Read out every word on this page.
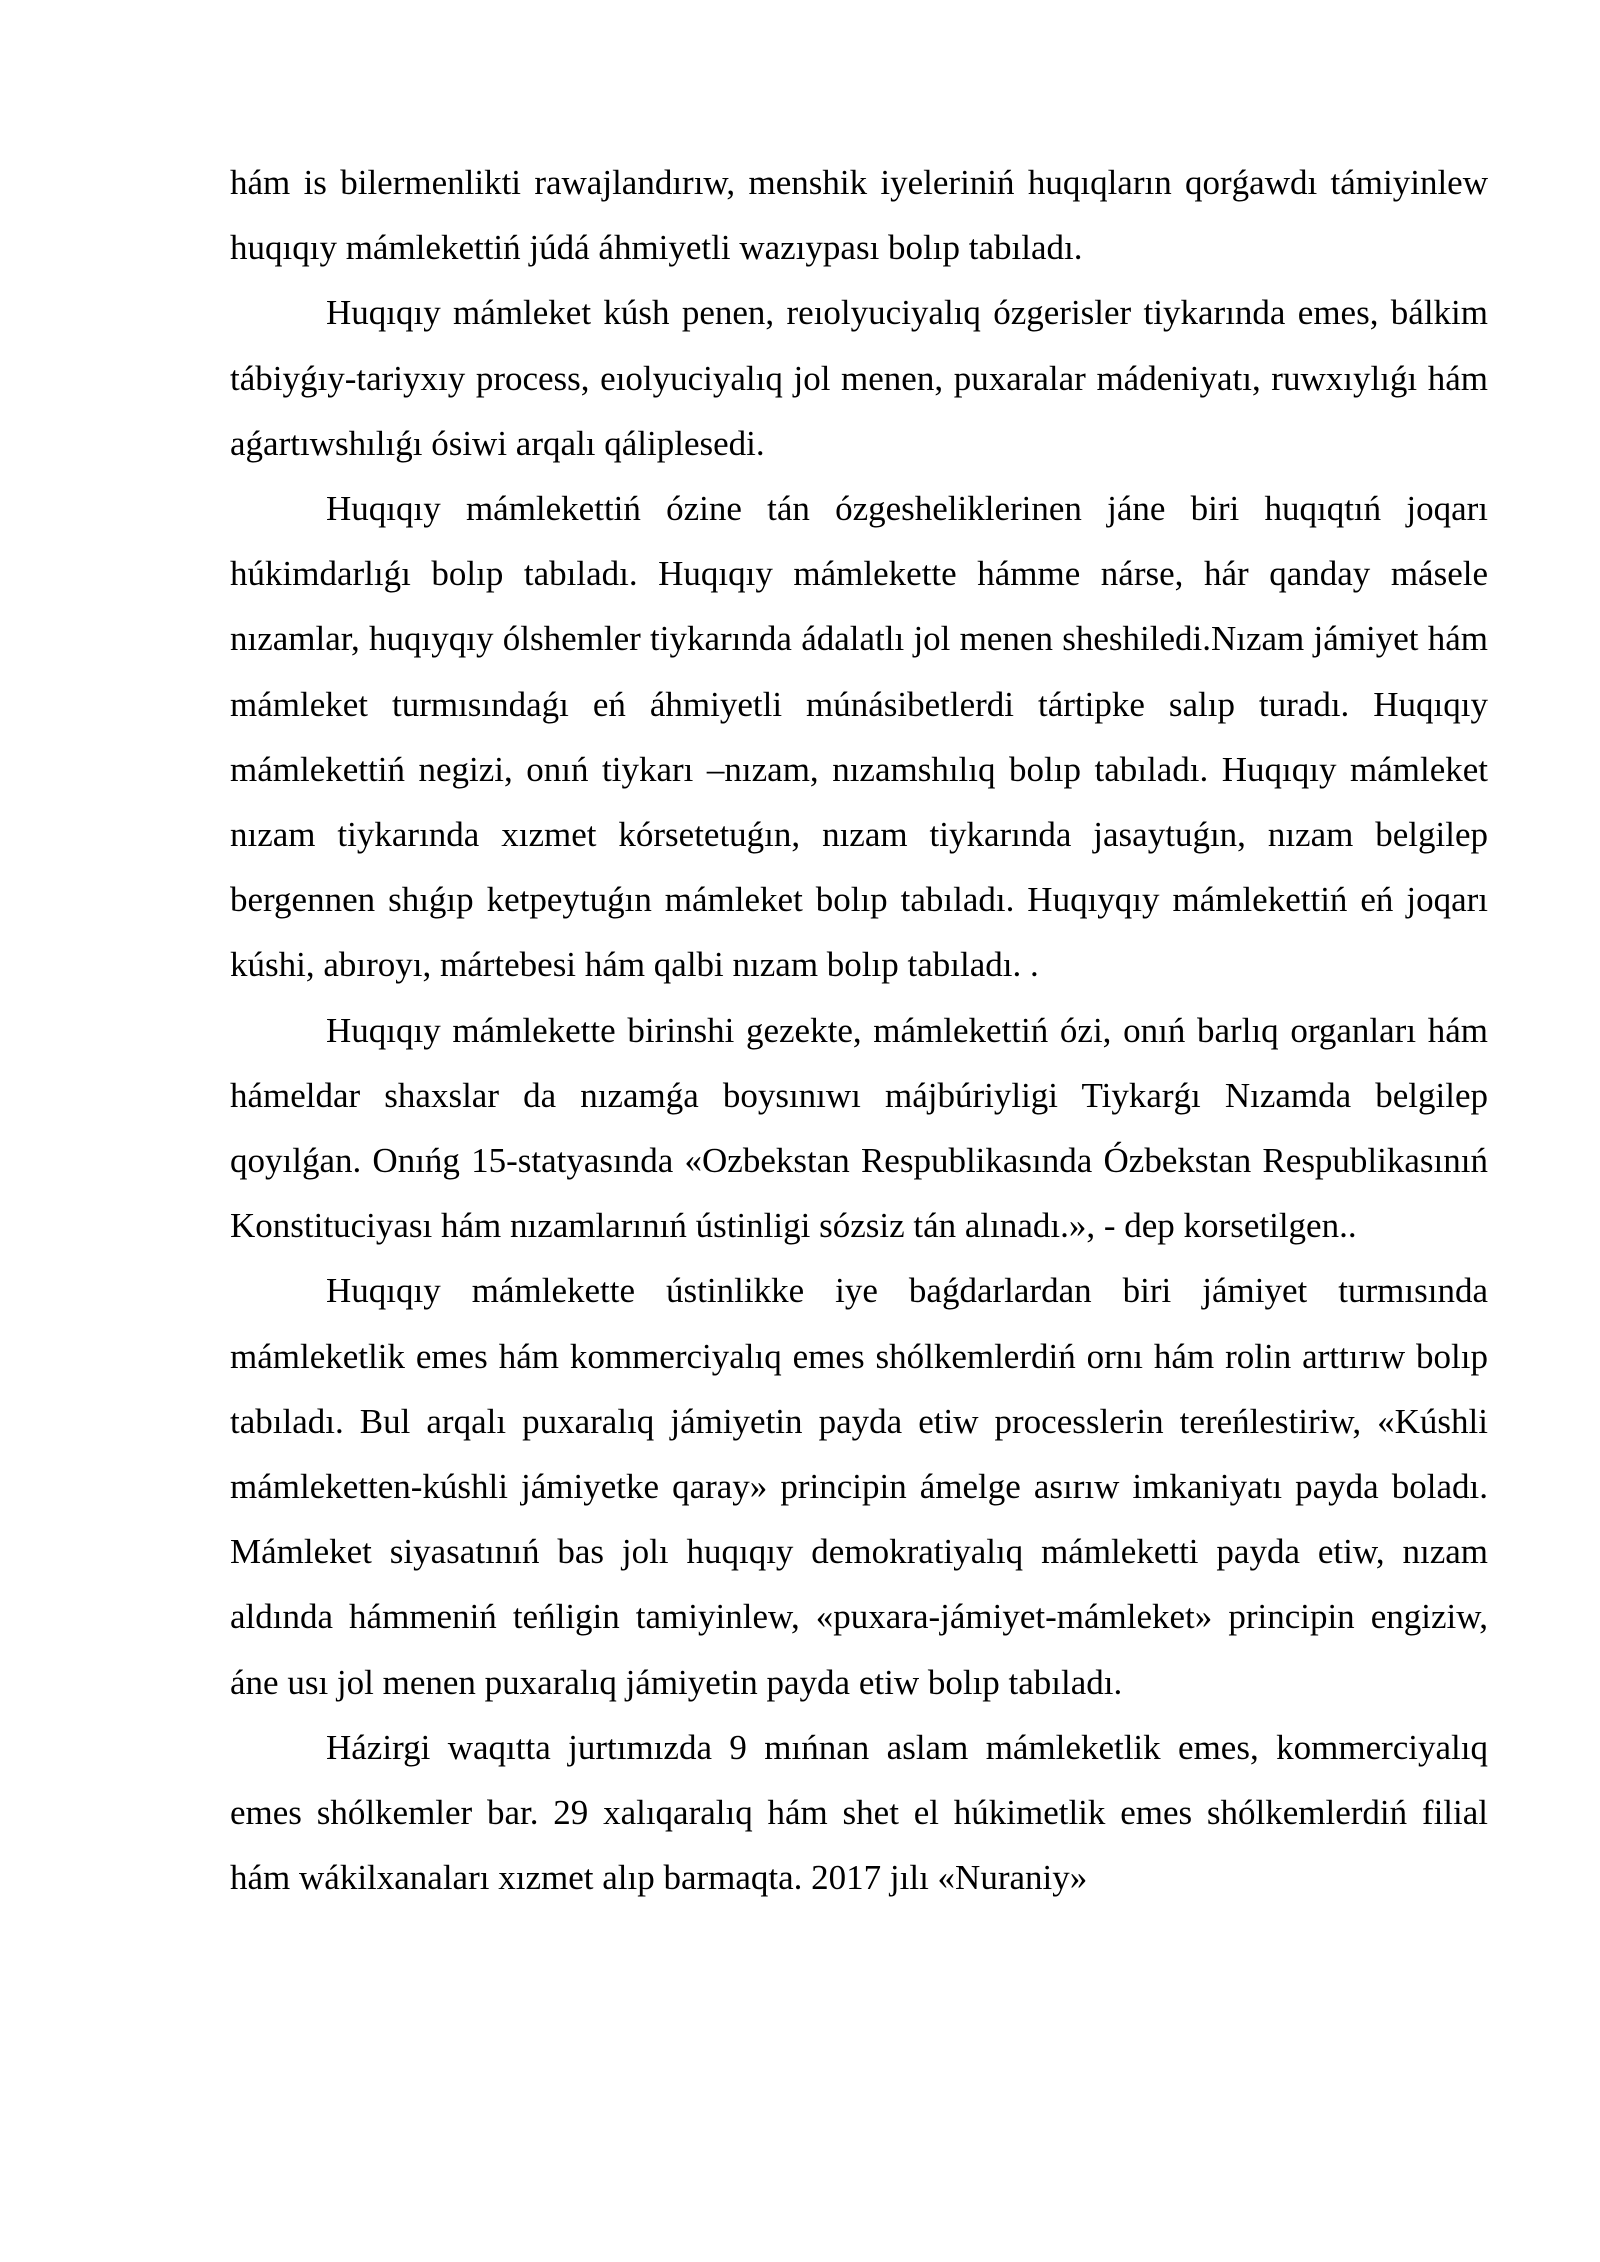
hám is bilermenlikti rawajlandırıw, menshik iyeleriniń huqıqların qorǵawdı támiyinlew huqıqıy mámlekettiń júdá áhmiyetli wazıypası bolıp tabıladı.

Huqıqıy mámleket kúsh penen, reıolyuciyalıq ózgerisler tiykarında emes, bálkim tábiyǵıy-tariyxıy process, eıolyuciyalıq jol menen, puxaralar mádeniyatı, ruwxıylıǵı hám aǵartıwshılıǵı ósiwi arqalı qáliplesedi.

Huqıqıy mámlekettiń ózine tán ózgesheliklerinen jáne biri huqıqtıń joqarı húkimdarlıǵı bolıp tabıladı. Huqıqıy mámlekette hámme nárse, hár qanday másele nızamlar, huqıyqıy ólshemler tiykarında ádalatlı jol menen sheshiledi.Nızam jámiyet hám mámleket turmısındaǵı eń áhmiyetli múnásibetlerdi tártipke salıp turadı. Huqıqıy mámlekettiń negizi, onıń tiykarı –nızam, nızamshılıq bolıp tabıladı. Huqıqıy mámleket nızam tiykarında xızmet kórsetetuǵın, nızam tiykarında jasaytuǵın, nızam belgilep bergennen shıǵıp ketpeytuǵın mámleket bolıp tabıladı. Huqıyqıy mámlekettiń eń joqarı kúshi, abıroyı, mártebesi hám qalbi nızam bolıp tabıladı. .

Huqıqıy mámlekette birinshi gezekte, mámlekettiń ózi, onıń barlıq organları hám hámeldar shaxslar da nızamǵa boysınıwı májbúriyligi Tiykarǵı Nızamda belgilep qoyılǵan. Onıńg 15-statyasında «Ozbekstan Respublikasında Ózbekstan Respublikasınıń Konstituciyası hám nızamlarınıń ústinligi sózsiz tán alınadı.», - dep korsetilgen..

Huqıqıy mámlekette ústinlikke iye baǵdarlardan biri jámiyet turmısında mámleketlik emes hám kommerciyalıq emes shólkemlerdiń ornı hám rolin arttırıw bolıp tabıladı. Bul arqalı puxaralıq jámiyetin payda etiw processlerin tereńlestiriw, «Kúshli mámleketten-kúshli jámiyetke qaray» principin ámelge asırıw imkaniyatı payda boladı. Mámleket siyasatınıń bas jolı huqıqıy demokratiyalıq mámleketti payda etiw, nızam aldında hámmeniń teńligin tamiyinlew, «puxara-jámiyet-mámleket» principin engiziw, áne usı jol menen puxaralıq jámiyetin payda etiw bolıp tabıladı.

Házirgi waqıtta jurtımızda 9 mıńnan aslam mámleketlik emes, kommerciyalıq emes shólkemler bar. 29 xalıqaralıq hám shet el húkimetlik emes shólkemlerdiń filial hám wákilxanaları xızmet alıp barmaqta. 2017 jılı «Nuraniy»
